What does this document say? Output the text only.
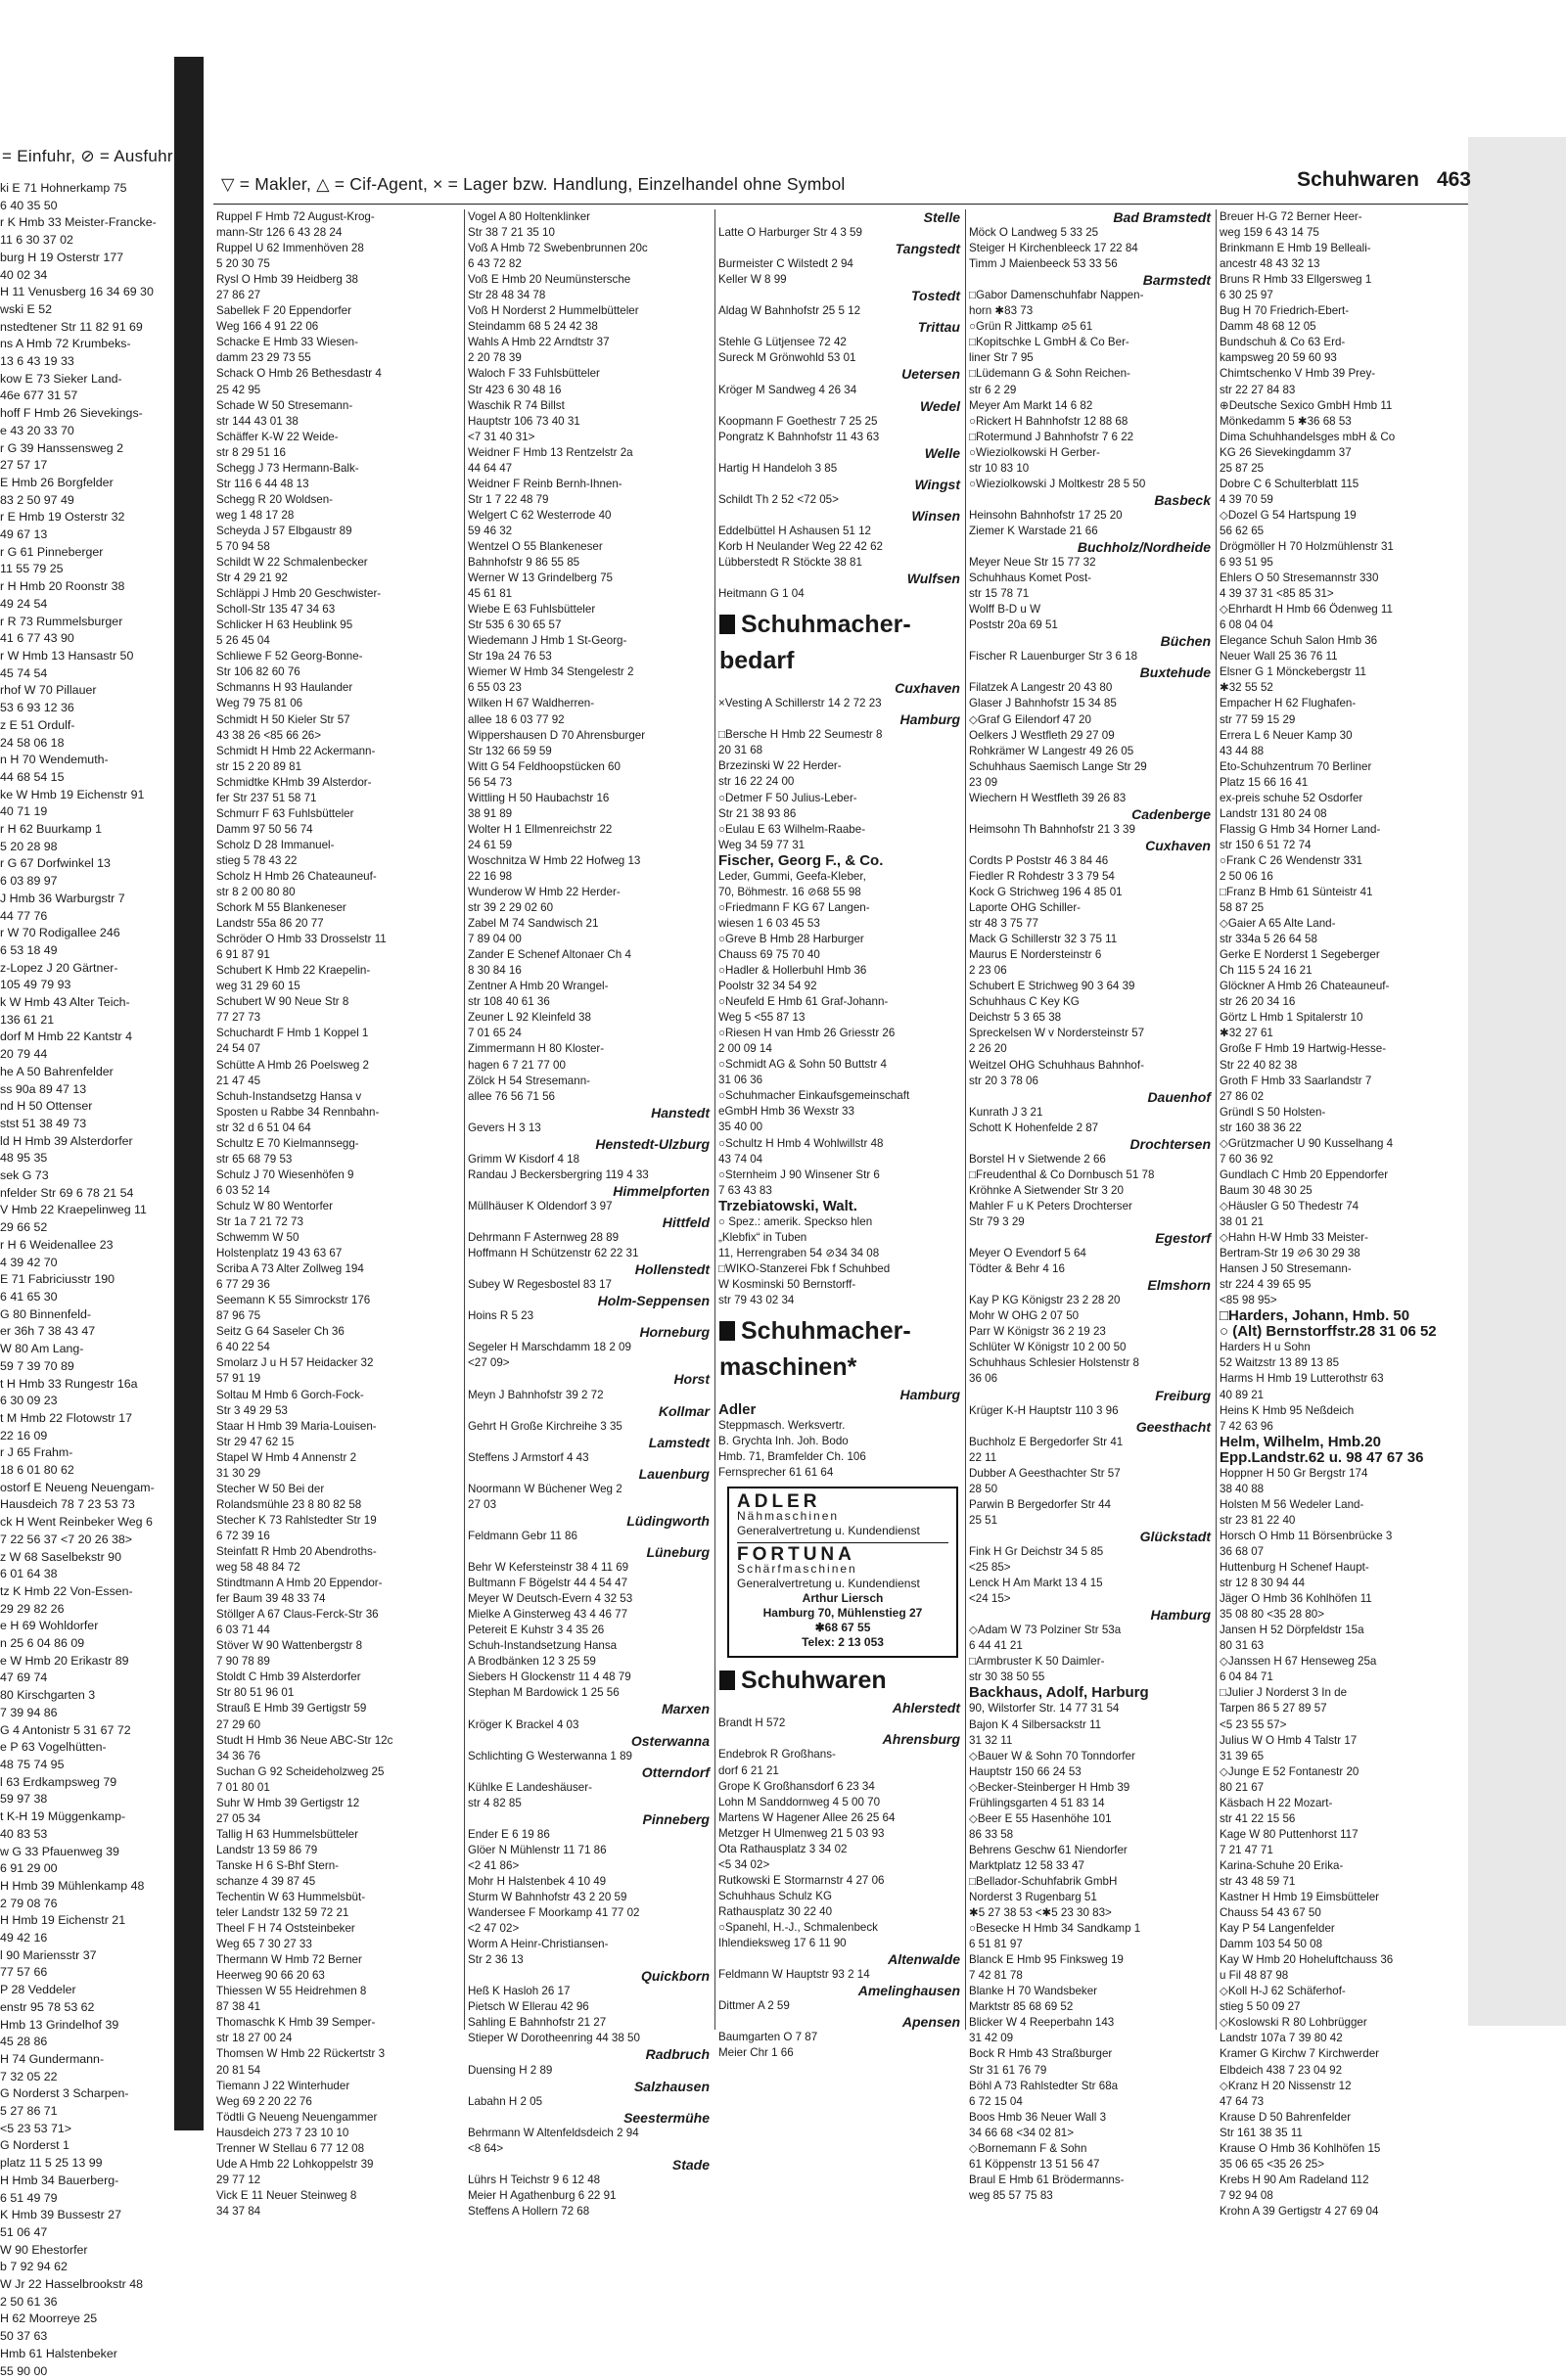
= Einfuhr, ⊘ = Ausfuhr
ki E 71 Hohnerkamp 75
6 40 35 50
r K Hmb 33 Meister-Francke-
11 6 30 37 02
burg H 19 Osterstr 177
40 02 34
H 11 Venusberg 16 34 69 30
wski E 52
nstedtener Str 11 82 91 69
ns A Hmb 72 Krumbeks-
13 6 43 19 33
kow E 73 Sieker Land-
46e 677 31 57
hoff F Hmb 26 Sievekings-
e 43 20 33 70
r G 39 Hanssensweg 2
27 57 17
E Hmb 26 Borgfelder
83 2 50 97 49
r E Hmb 19 Osterstr 32
49 67 13
r G 61 Pinneberger
11 55 79 25
r H Hmb 20 Roonstr 38
49 24 54
r R 73 Rummelsburger
41 6 77 43 90
r W Hmb 13 Hansastr 50
45 74 54
rhof W 70 Pillauer
53 6 93 12 36
z E 51 Ordulf-
24 58 06 18
n H 70 Wendemuth-
44 68 54 15
ke W Hmb 19 Eichenstr 91
40 71 19
r H 62 Buurkamp 1
5 20 28 98
r G 67 Dorfwinkel 13
6 03 89 97
J Hmb 36 Warburgstr 7
44 77 76
r W 70 Rodigallee 246
6 53 18 49
z-Lopez J 20 Gärtner-
105 49 79 93
k W Hmb 43 Alter Teich-
136 61 21
dorf M Hmb 22 Kantstr 4
20 79 44
he A 50 Bahrenfelder
ss 90a 89 47 13
nd H 50 Ottenser
stst 51 38 49 73
ld H Hmb 39 Alsterdorfer
48 95 35
sek G 73
nfelder Str 69 6 78 21 54
V Hmb 22 Kraepelinweg 11
29 66 52
r H 6 Weidenallee 23
4 39 42 70
E 71 Fabriciusstr 190
6 41 65 30
G 80 Binnenfeld-
er 36h 7 38 43 47
W 80 Am Lang-
59 7 39 70 89
t H Hmb 33 Rungestr 16a
6 30 09 23
t M Hmb 22 Flotowstr 17
22 16 09
r J 65 Frahm-
18 6 01 80 62
ostorf E Neueng Neuengam-
Hausdeich 78 7 23 53 73
ck H Went Reinbeker Weg 6
7 22 56 37 <7 20 26 38>
z W 68 Saselbekstr 90
6 01 64 38
tz K Hmb 22 Von-Essen-
29 29 82 26
e H 69 Wohldorfer
n 25 6 04 86 09
e W Hmb 20 Erikastr 89
47 69 74
80 Kirschgarten 3
7 39 94 86
G 4 Antonistr 5 31 67 72
e P 63 Vogelhütten-
48 75 74 95
l 63 Erdkampsweg 79
59 97 38
t K-H 19 Müggenkamp-
40 83 53
w G 33 Pfauenweg 39
6 91 29 00
H Hmb 39 Mühlenkamp 48
2 79 08 76
H Hmb 19 Eichenstr 21
49 42 16
l 90 Mariensstr 37
77 57 66
P 28 Veddeler
enstr 95 78 53 62
Hmb 13 Grindelhof 39
45 28 86
H 74 Gundermann-
7 32 05 22
G Norderst 3 Scharpen-
5 27 86 71
<5 23 53 71>
G Norderst 1
platz 11 5 25 13 99
H Hmb 34 Bauerberg-
6 51 49 79
K Hmb 39 Bussestr 27
51 06 47
W 90 Ehestorfer
b 7 92 94 62
W Jr 22 Hasselbrookstr 48
2 50 61 36
H 62 Moorreye 25
50 37 63
Hmb 61 Halstenbeker
55 90 00
▽ = Makler, △ = Cif-Agent, × = Lager bzw. Handlung, Einzelhandel ohne Symbol	Schuhwaren 463
Ruppel F Hmb 72 August-Krog-
mann-Str 126 6 43 28 24
Ruppel U 62 Immenhöven 28
5 20 30 75
Rysl O Hmb 39 Heidberg 38
27 86 27
Sabellek F 20 Eppendorfer
Weg 166 4 91 22 06
Schacke E Hmb 33 Wiesen-
damm 23 29 73 55
Schack O Hmb 26 Bethesdastr 4
25 42 95
Schade W 50 Stresemann-
str 144 43 01 38
Schäffer K-W 22 Weide-
str 8 29 51 16
Schegg J 73 Hermann-Balk-
Str 116 6 44 48 13
Schegg R 20 Woldsen-
weg 1 48 17 28
Scheyda J 57 Elbgaustr 89
5 70 94 58
Schildt W 22 Schmalenbecker
Str 4 29 21 92
Schläppi J Hmb 20 Geschwister-
Scholl-Str 135 47 34 63
Schlicker H 63 Heublink 95
5 26 45 04
Schliewe F 52 Georg-Bonne-
Str 106 82 60 76
Schmanns H 93 Haulander
Weg 79 75 81 06
Schmidt H 50 Kieler Str 57
43 38 26 <85 66 26>
Schmidt H Hmb 22 Ackermann-
str 15 2 20 89 81
Schmidtke KHmb 39 Alsterdor-
fer Str 237 51 58 71
Schmurr F 63 Fuhlsbütteler
Damm 97 50 56 74
Scholz D 28 Immanuel-
stieg 5 78 43 22
Scholz H Hmb 26 Chateauneuf-
str 8 2 00 80 80
Schork M 55 Blankeneser
Landstr 55a 86 20 77
Schröder O Hmb 33 Drosselstr 11
6 91 87 91
Schubert K Hmb 22 Kraepelin-
weg 31 29 60 15
Schubert W 90 Neue Str 8
77 27 73
Schuchardt F Hmb 1 Koppel 1
24 54 07
Schütte A Hmb 26 Poelsweg 2
21 47 45
Schuh-Instandsetzg Hansa v
Sposten u Rabbe 34 Rennbahn-
str 32 d 6 51 04 64
Schultz E 70 Kielmannsegg-
str 65 68 79 53
Schulz J 70 Wiesenhöfen 9
6 03 52 14
Schulz W 80 Wentorfer
Str 1a 7 21 72 73
Schwemm W 50
Holstenplatz 19 43 63 67
Scriba A 73 Alter Zollweg 194
6 77 29 36
Seemann K 55 Simrockstr 176
87 96 75
Seitz G 64 Saseler Ch 36
6 40 22 54
Smolarz J u H 57 Heidacker 32
57 91 19
Soltau M Hmb 6 Gorch-Fock-
Str 3 49 29 53
Staar H Hmb 39 Maria-Louisen-
Str 29 47 62 15
Stapel W Hmb 4 Annenstr 2
31 30 29
Stecher W 50 Bei der
Rolandsmühle 23 8 80 82 58
Stecher K 73 Rahlstedter Str 19
6 72 39 16
Steinfatt R Hmb 20 Abendroths-
weg 58 48 84 72
Stindtmann A Hmb 20 Eppendor-
fer Baum 39 48 33 74
Stöllger A 67 Claus-Ferck-Str 36
6 03 71 44
Stöver W 90 Wattenbergstr 8
7 90 78 89
Stoldt C Hmb 39 Alsterdorfer
Str 80 51 96 01
Strauß E Hmb 39 Gertigstr 59
27 29 60
Studt H Hmb 36 Neue ABC-Str 12c
34 36 76
Suchan G 92 Scheideholzweg 25
7 01 80 01
Suhr W Hmb 39 Gertigstr 12
27 05 34
Tallig H 63 Hummelsbütteler
Landstr 13 59 86 79
Tanske H 6 S-Bhf Stern-
schanze 4 39 87 45
Techentin W 63 Hummelsbüt-
teler Landstr 132 59 72 21
Theel F H 74 Oststeinbeker
Weg 65 7 30 27 33
Thermann W Hmb 72 Berner
Heerweg 90 66 20 63
Thiessen W 55 Heidrehmen 8
87 38 41
Thomaschk K Hmb 39 Semper-
str 18 27 00 24
Thomsen W Hmb 22 Rückertstr 3
20 81 54
Tiemann J 22 Winterhuder
Weg 69 2 20 22 76
Tödtli G Neueng Neuengammer
Hausdeich 273 7 23 10 10
Trenner W Stellau 6 77 12 08
Ude A Hmb 22 Lohkoppelstr 39
29 77 12
Vick E 11 Neuer Steinweg 8
34 37 84
Vogel A 80 Holtenklinker
Str 38 7 21 35 10
Voß A Hmb 72 Swebenbrunnen 20c
6 43 72 82
Voß E Hmb 20 Neumünstersche
Str 28 48 34 78
Voß H Norderst 2 Hummelbütteler
Steindamm 68 5 24 42 38
Wahls A Hmb 22 Arndtstr 37
2 20 78 39
Waloch F 33 Fuhlsbütteler
Str 423 6 30 48 16
Waschik R 74 Billst
Hauptstr 106 73 40 31
<7 31 40 31>
Weidner F Hmb 13 Rentzelstr 2a
44 64 47
Weidner F Reinb Bernh-Ihnen-
Str 1 7 22 48 79
Welgert C 62 Westerrode 40
59 46 32
Wentzel O 55 Blankeneser
Bahnhofstr 9 86 55 85
Werner W 13 Grindelberg 75
45 61 81
Wiebe E 63 Fuhlsbütteler
Str 535 6 30 65 57
Wiedemann J Hmb 1 St-Georg-
Str 19a 24 76 53
Wiemer W Hmb 34 Stengelestr 2
6 55 03 23
Wilken H 67 Waldherren-
allee 18 6 03 77 92
Wippershausen D 70 Ahrensburger
Str 132 66 59 59
Witt G 54 Feldhoopstücken 60
56 54 73
Wittling H 50 Haubachstr 16
38 91 89
Wolter H 1 Ellmenreichstr 22
24 61 59
Woschnitza W Hmb 22 Hofweg 13
22 16 98
Wunderow W Hmb 22 Herder-
str 39 2 29 02 60
Zabel M 74 Sandwisch 21
7 89 04 00
Zander E Schenef Altonaer Ch 4
8 30 84 16
Zentner A Hmb 20 Wrangel-
str 108 40 61 36
Zeuner L 92 Kleinfeld 38
7 01 65 24
Zimmermann H 80 Kloster-
hagen 6 7 21 77 00
Zölck H 54 Stresemann-
allee 76 56 71 56
Hanstedt
Gevers H 3 13
Henstedt-Ulzburg
Grimm W Kisdorf 4 18
Randau J Beckersbergring 119 4 33
Himmelpforten
Müllhäuser K Oldendorf 3 97
Hittfeld
Dehrmann F Asternweg 28 89
Hoffmann H Schützenstr 62 22 31
Hollenstedt
Subey W Regesbostel 83 17
Holm-Seppensen
Hoins R 5 23
Horneburg
Segeler H Marschdamm 18 2 09
<27 09>
Horst
Meyn J Bahnhofstr 39 2 72
Kollmar
Gehrt H Große Kirchreihe 3 35
Lamstedt
Steffens J Armstorf 4 43
Lauenburg
Noormann W Büchener Weg 2
27 03
Lüdingworth
Feldmann Gebr 11 86
Lüneburg
Behr W Kefersteinstr 38 4 11 69
Bultmann F Bögelstr 44 4 54 47
Meyer W Deutsch-Evern 4 32 53
Mielke A Ginsterweg 43 4 46 77
Petereit E Kuhstr 3 4 35 26
Schuh-Instandsetzung Hansa
A Brodbänken 12 3 25 59
Siebers H Glockenstr 11 4 48 79
Stephan M Bardowick 1 25 56
Marxen
Kröger K Brackel 4 03
Osterwanna
Schlichting G Westerwanna 1 89
Otterndorf
Kühlke E Landeshäuser-
str 4 82 85
Pinneberg
Ender E 6 19 86
Glöer N Mühlenstr 11 71 86
<2 41 86>
Mohr H Halstenbek 4 10 49
Sturm W Bahnhofstr 43 2 20 59
Wandersee F Moorkamp 41 77 02
<2 47 02>
Worm A Heinr-Christiansen-
Str 2 36 13
Quickborn
Heß K Hasloh 26 17
Pietsch W Ellerau 42 96
Sahling E Bahnhofstr 21 27
Stieper W Dorotheenring 44 38 50
Radbruch
Duensing H 2 89
Salzhausen
Labahn H 2 05
Seestermühe
Behrmann W Altenfeldsdeich 2 94
<8 64>
Stade
Lührs H Teichstr 9 6 12 48
Meier H Agathenburg 6 22 91
Steffens A Hollern 72 68
Stelle
Latte O Harburger Str 4 3 59
Tangstedt
Burmeister C Wilstedt 2 94
Keller W 8 99
Tostedt
Aldag W Bahnhofstr 25 5 12
Trittau
Stehle G Lütjensee 72 42
Sureck M Grönwohld 53 01
Uetersen
Kröger M Sandweg 4 26 34
Wedel
Koopmann F Goethestr 7 25 25
Pongratz K Bahnhofstr 11 43 63
Welle
Hartig H Handeloh 3 85
Wingst
Schildt Th 2 52 <72 05>
Winsen
Eddelbüttel H Ashausen 51 12
Korb H Neulander Weg 22 42 62
Lübberstedt R Stöckte 38 81
Wulfsen
Heitmann G 1 04
Schuhmacher-
bedarf
Cuxhaven
×Vesting A Schillerstr 14 2 72 23
Hamburg
□Bersche H Hmb 22 Seumestr 8
20 31 68
Brzezinski W 22 Herder-
str 16 22 24 00
○Detmer F 50 Julius-Leber-
Str 21 38 93 86
○Eulau E 63 Wilhelm-Raabe-
Weg 34 59 77 31
Fischer, Georg F., & Co.
Leder, Gummi, Geefa-Kleber,
70, Böhmestr. 16 ⊘68 55 98
○Friedmann F KG 67 Langen-
wiesen 1 6 03 45 53
○Greve B Hmb 28 Harburger
Chauss 69 75 70 40
○Hadler & Hollerbuhl Hmb 36
Poolstr 32 34 54 92
○Neufeld E Hmb 61 Graf-Johann-
Weg 5 <55 87 13
○Riesen H van Hmb 26 Griesstr 26
2 00 09 14
○Schmidt AG & Sohn 50 Buttstr 4
31 06 36
○Schuhmacher Einkaufsgemeinschaft
eGmbH Hmb 36 Wexstr 33
35 40 00
○Schultz H Hmb 4 Wohlwillstr 48
43 74 04
○Sternheim J 90 Winsener Str 6
7 63 43 83
Trzebiatowski, Walt.
○ Spez.: amerik. Speckso hlen
„Klebfix“ in Tuben
11, Herrengraben 54 ⊘34 34 08
□WIKO-Stanzerei Fbk f Schuhbed
W Kosminski 50 Bernstorff-
str 79 43 02 34
Schuhmacher-
maschinen*
Hamburg
Adler
Steppmasch. Werksvertr.
B. Grychta Inh. Joh. Bodo
Hmb. 71, Bramfelder Ch. 106
Fernsprecher 61 61 64
ADLER
Nähmaschinen
Generalvertretung u. Kundendienst
FORTUNA
Schärfmaschinen
Generalvertretung u. Kundendienst
Arthur Liersch
Hamburg 70, Mühlenstieg 27
✱68 67 55
Telex: 2 13 053
Schuhwaren
Ahlerstedt
Brandt H 572
Ahrensburg
Endebrok R Großhans-
dorf 6 21 21
Grope K Großhansdorf 6 23 34
Lohn M Sanddornweg 4 5 00 70
Martens W Hagener Allee 26 25 64
Metzger H Ulmenweg 21 5 03 93
Ota Rathausplatz 3 34 02
<5 34 02>
Rutkowski E Stormarnstr 4 27 06
Schuhhaus Schulz KG
Rathausplatz 30 22 40
○Spanehl, H.-J., Schmalenbeck
Ihlendieksweg 17 6 11 90
Altenwalde
Feldmann W Hauptstr 93 2 14
Amelinghausen
Dittmer A 2 59
Apensen
Baumgarten O 7 87
Meier Chr 1 66
Bad Bramstedt
Möck O Landweg 5 33 25
Steiger H Kirchenbleeck 17 22 84
Timm J Maienbeeck 53 33 56
Barmstedt
□Gabor Damenschuhfabr Nappen-
horn ✱83 73
○Grün R Jittkamp ⊘5 61
□Kopitschke L GmbH & Co Ber-
liner Str 7 95
□Lüdemann G & Sohn Reichen-
str 6 2 29
Meyer Am Markt 14 6 82
○Rickert H Bahnhofstr 12 88 68
□Rotermund J Bahnhofstr 7 6 22
○Wieziolkowski H Gerber-
str 10 83 10
○Wieziolkowski J Moltkestr 28 5 50
Basbeck
Heinsohn Bahnhofstr 17 25 20
Ziemer K Warstade 21 66
Buchholz/Nordheide
Meyer Neue Str 15 77 32
Schuhhaus Komet Post-
str 15 78 71
Wolff B-D u W
Poststr 20a 69 51
Büchen
Fischer R Lauenburger Str 3 6 18
Buxtehude
Filatzek A Langestr 20 43 80
Glaser J Bahnhofstr 15 34 85
◇Graf G Eilendorf 47 20
Oelkers J Westfleth 29 27 09
Rohkrämer W Langestr 49 26 05
Schuhhaus Saemisch Lange Str 29
23 09
Wiechern H Westfleth 39 26 83
Cadenberge
Heimsohn Th Bahnhofstr 21 3 39
Cuxhaven
Cordts P Poststr 46 3 84 46
Fiedler R Rohdestr 3 3 79 54
Kock G Strichweg 196 4 85 01
Laporte OHG Schiller-
str 48 3 75 77
Mack G Schillerstr 32 3 75 11
Maurus E Nordersteinstr 6
2 23 06
Schubert E Strichweg 90 3 64 39
Schuhhaus C Key KG
Deichstr 5 3 65 38
Spreckelsen W v Nordersteinstr 57
2 26 20
Weitzel OHG Schuhhaus Bahnhof-
str 20 3 78 06
Dauenhof
Kunrath J 3 21
Schott K Hohenfelde 2 87
Drochtersen
Borstel H v Sietwende 2 66
□Freudenthal & Co Dornbusch 51 78
Kröhnke A Sietwender Str 3 20
Mahler F u K Peters Drochterser
Str 79 3 29
Egestorf
Meyer O Evendorf 5 64
Tödter & Behr 4 16
Elmshorn
Kay P KG Königstr 23 2 28 20
Mohr W OHG 2 07 50
Parr W Königstr 36 2 19 23
Schlüter W Königstr 10 2 00 50
Schuhhaus Schlesier Holstenstr 8
36 06
Freiburg
Krüger K-H Hauptstr 110 3 96
Geesthacht
Buchholz E Bergedorfer Str 41
22 11
Dubber A Geesthachter Str 57
28 50
Parwin B Bergedorfer Str 44
25 51
Glückstadt
Fink H Gr Deichstr 34 5 85
<25 85>
Lenck H Am Markt 13 4 15
<24 15>
Hamburg
◇Adam W 73 Polziner Str 53a
6 44 41 21
□Armbruster K 50 Daimler-
str 30 38 50 55
Backhaus, Adolf, Harburg
90, Wilstorfer Str. 14 77 31 54
Bajon K 4 Silbersackstr 11
31 32 11
◇Bauer W & Sohn 70 Tonndorfer
Hauptstr 150 66 24 53
◇Becker-Steinberger H Hmb 39
Frühlingsgarten 4 51 83 14
◇Beer E 55 Hasenhöhe 101
86 33 58
Behrens Geschw 61 Niendorfer
Marktplatz 12 58 33 47
□Bellador-Schuhfabrik GmbH
Norderst 3 Rugenbarg 51
✱5 27 38 53 <✱5 23 30 83>
○Besecke H Hmb 34 Sandkamp 1
6 51 81 97
Blanck E Hmb 95 Finksweg 19
7 42 81 78
Blanke H 70 Wandsbeker
Marktstr 85 68 69 52
Blicker W 4 Reeperbahn 143
31 42 09
Bock R Hmb 43 Straßburger
Str 31 61 76 79
Böhl A 73 Rahlstedter Str 68a
6 72 15 04
Boos Hmb 36 Neuer Wall 3
34 66 68 <34 02 81>
◇Bornemann F & Sohn
61 Köppenstr 13 51 56 47
Braul E Hmb 61 Brödermanns-
weg 85 57 75 83
Breuer H-G 72 Berner Heer-
weg 159 6 43 14 75
Brinkmann E Hmb 19 Belleali-
ancestr 48 43 32 13
Bruns R Hmb 33 Ellgersweg 1
6 30 25 97
Bug H 70 Friedrich-Ebert-
Damm 48 68 12 05
Bundschuh & Co 63 Erd-
kampsweg 20 59 60 93
Chimtschenko V Hmb 39 Prey-
str 22 27 84 83
⊕Deutsche Sexico GmbH Hmb 11
Mönkedamm 5 ✱36 68 53
Dima Schuhhandelsges mbH & Co
KG 26 Sievekingdamm 37
25 87 25
Dobre C 6 Schulterblatt 115
4 39 70 59
◇Dozel G 54 Hartspung 19
56 62 65
Drögmöller H 70 Holzmühlenstr 31
6 93 51 95
Ehlers O 50 Stresemannstr 330
4 39 37 31 <85 85 31>
◇Ehrhardt H Hmb 66 Ödenweg 11
6 08 04 04
Elegance Schuh Salon Hmb 36
Neuer Wall 25 36 76 11
Elsner G 1 Mönckebergstr 11
✱32 55 52
Empacher H 62 Flughafen-
str 77 59 15 29
Errera L 6 Neuer Kamp 30
43 44 88
Eto-Schuhzentrum 70 Berliner
Platz 15 66 16 41
ex-preis schuhe 52 Osdorfer
Landstr 131 80 24 08
Flassig G Hmb 34 Horner Land-
str 150 6 51 72 74
○Frank C 26 Wendenstr 331
2 50 06 16
□Franz B Hmb 61 Sünteistr 41
58 87 25
◇Gaier A 65 Alte Land-
str 334a 5 26 64 58
Gerke E Norderst 1 Segeberger
Ch 115 5 24 16 21
Glöckner A Hmb 26 Chateauneuf-
str 26 20 34 16
Görtz L Hmb 1 Spitalerstr 10
✱32 27 61
Große F Hmb 19 Hartwig-Hesse-
Str 22 40 82 38
Groth F Hmb 33 Saarlandstr 7
27 86 02
Gründl S 50 Holsten-
str 160 38 36 22
◇Grützmacher U 90 Kusselhang 4
7 60 36 92
Gundlach C Hmb 20 Eppendorfer
Baum 30 48 30 25
◇Häusler G 50 Thedestr 74
38 01 21
◇Hahn H-W Hmb 33 Meister-
Bertram-Str 19 ⊘6 30 29 38
Hansen J 50 Stresemann-
str 224 4 39 65 95
<85 98 95>
□Harders, Johann, Hmb. 50
○ (Alt) Bernstorffstr.28 31 06 52
Harders H u Sohn
52 Waitzstr 13 89 13 85
Harms H Hmb 19 Lutterothstr 63
40 89 21
Heins K Hmb 95 Neßdeich
7 42 63 96
Helm, Wilhelm, Hmb.20
Epp.Landstr.62 u. 98 47 67 36
Hoppner H 50 Gr Bergstr 174
38 40 88
Holsten M 56 Wedeler Land-
str 23 81 22 40
Horsch O Hmb 11 Börsenbrücke 3
36 68 07
Huttenburg H Schenef Haupt-
str 12 8 30 94 44
Jäger O Hmb 36 Kohlhöfen 11
35 08 80 <35 28 80>
Jansen H 52 Dörpfeldstr 15a
80 31 63
◇Janssen H 67 Henseweg 25a
6 04 84 71
□Julier J Norderst 3 In de
Tarpen 86 5 27 89 57
<5 23 55 57>
Julius W O Hmb 4 Talstr 17
31 39 65
◇Junge E 52 Fontanestr 20
80 21 67
Käsbach H 22 Mozart-
str 41 22 15 56
Kage W 80 Puttenhorst 117
7 21 47 71
Karina-Schuhe 20 Erika-
str 43 48 59 71
Kastner H Hmb 19 Eimsbütteler
Chauss 54 43 67 50
Kay P 54 Langenfelder
Damm 103 54 50 08
Kay W Hmb 20 Hoheluftchauss 36
u Fil 48 87 98
◇Koll H-J 62 Schäferhof-
stieg 5 50 09 27
◇Koslowski R 80 Lohbrügger
Landstr 107a 7 39 80 42
Kramer G Kirchw 7 Kirchwerder
Elbdeich 438 7 23 04 92
◇Kranz H 20 Nissenstr 12
47 64 73
Krause D 50 Bahrenfelder
Str 161 38 35 11
Krause O Hmb 36 Kohlhöfen 15
35 06 65 <35 26 25>
Krebs H 90 Am Radeland 112
7 92 94 08
Krohn A 39 Gertigstr 4 27 69 04
